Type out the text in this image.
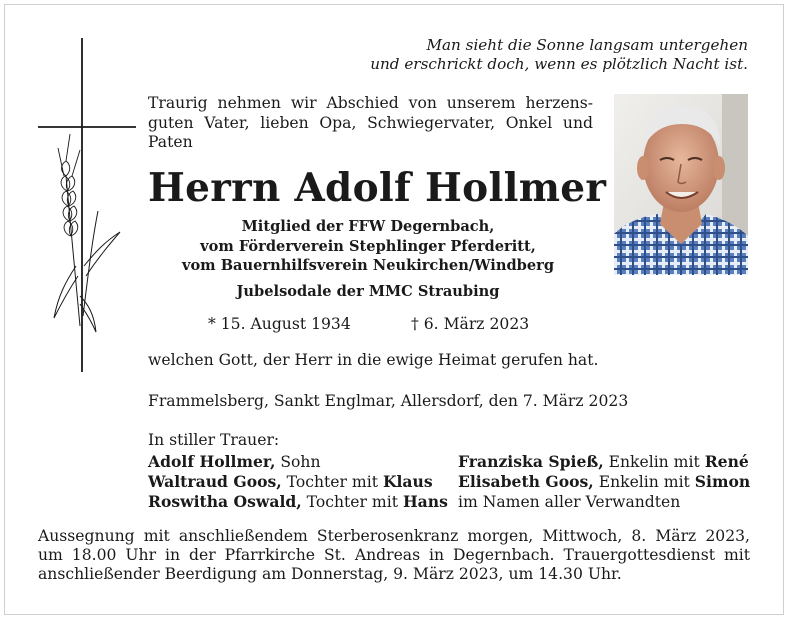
Man sieht die Sonne langsam untergehen
und erschrickt doch, wenn es plötzlich Nacht ist.
Traurig nehmen wir Abschied von unserem herzens-
guten Vater, lieben Opa, Schwiegervater, Onkel und
Paten
Herrn Adolf Hollmer
Mitglied der FFW Degernbach,
vom Förderverein Stephlinger Pferderitt,
vom Bauernhilfsverein Neukirchen/Windberg
Jubelsodale der MMC Straubing
* 15. August 1934	† 6. März 2023
welchen Gott, der Herr in die ewige Heimat gerufen hat.
Frammelsberg, Sankt Englmar, Allersdorf, den 7. März 2023
In stiller Trauer:
Adolf Hollmer, Sohn
Waltraud Goos, Tochter mit Klaus
Roswitha Oswald, Tochter mit Hans
Franziska Spieß, Enkelin mit René
Elisabeth Goos, Enkelin mit Simon
im Namen aller Verwandten
Aussegnung mit anschließendem Sterberosenkranz morgen, Mittwoch, 8. März 2023,
um 18.00 Uhr in der Pfarrkirche St. Andreas in Degernbach. Trauergottesdienst mit
anschließender Beerdigung am Donnerstag, 9. März 2023, um 14.30 Uhr.
